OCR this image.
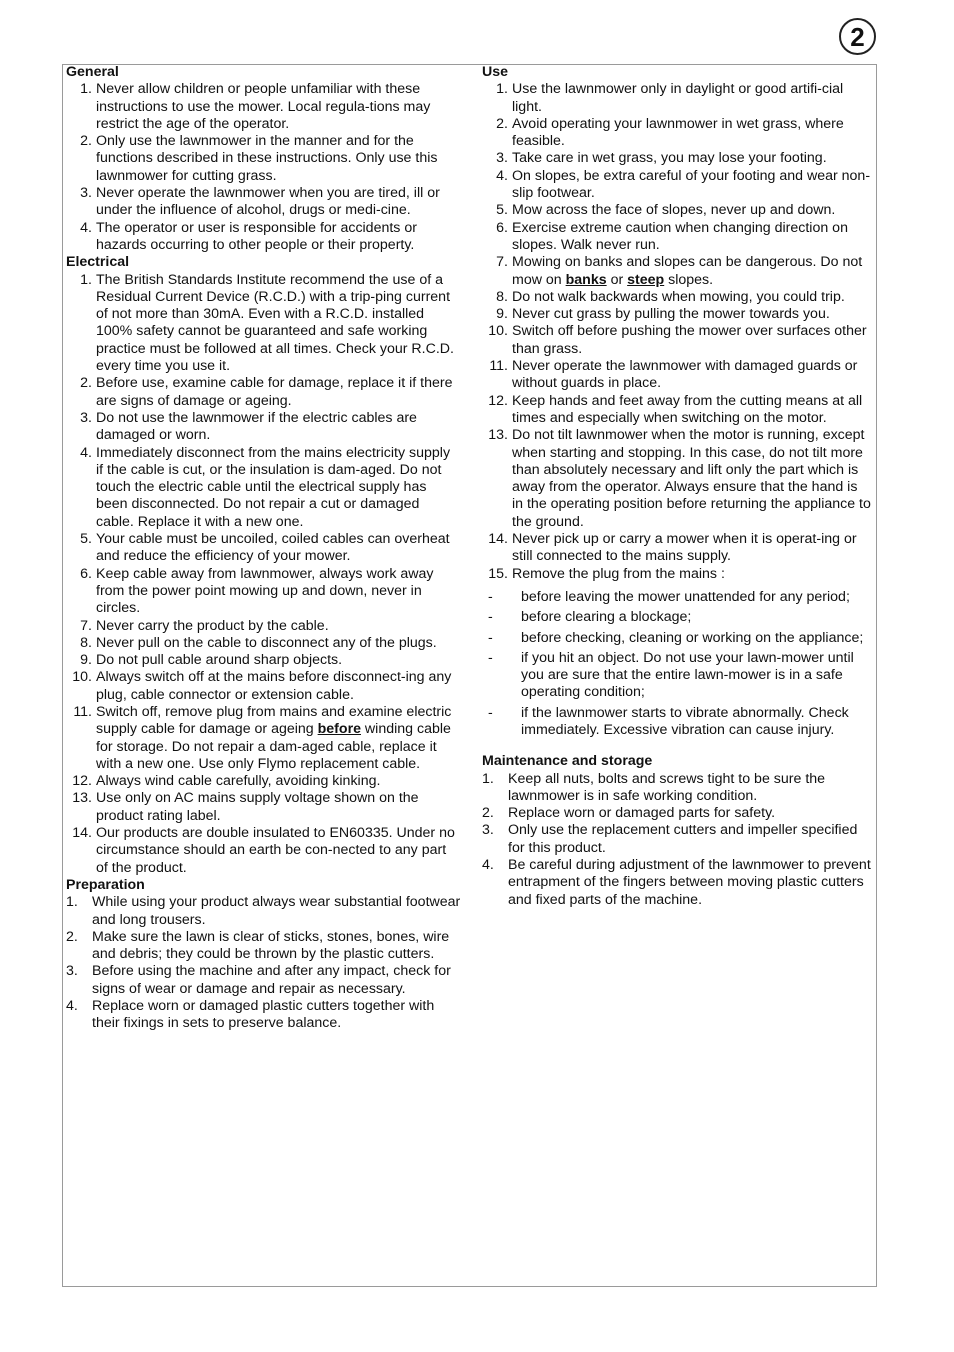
2
General
1. Never allow children or people unfamiliar with these instructions to use the mower. Local regula-tions may restrict the age of the operator.
2. Only use the lawnmower in the manner and for the functions described in these instructions. Only use this lawnmower for cutting grass.
3. Never operate the lawnmower when you are tired, ill or under the influence of alcohol, drugs or medi-cine.
4. The operator or user is responsible for accidents or hazards occurring to other people or their property.
Electrical
1. The British Standards Institute recommend the use of a Residual Current Device (R.C.D.) with a trip-ping current of not more than 30mA. Even with a R.C.D. installed 100% safety cannot be guaranteed and safe working practice must be followed at all times. Check your R.C.D. every time you use it.
2. Before use, examine cable for damage, replace it if there are signs of damage or ageing.
3. Do not use the lawnmower if the electric cables are damaged or worn.
4. Immediately disconnect from the mains electricity supply if the cable is cut, or the insulation is dam-aged. Do not touch the electric cable until the electrical supply has been disconnected. Do not repair a cut or damaged cable. Replace it with a new one.
5. Your cable must be uncoiled, coiled cables can overheat and reduce the efficiency of your mower.
6. Keep cable away from lawnmower, always work away from the power point mowing up and down, never in circles.
7. Never carry the product by the cable.
8. Never pull on the cable to disconnect any of the plugs.
9. Do not pull cable around sharp objects.
10. Always switch off at the mains before disconnect-ing any plug, cable connector or extension cable.
11. Switch off, remove plug from mains and examine electric supply cable for damage or ageing before winding cable for storage. Do not repair a dam-aged cable, replace it with a new one. Use only Flymo replacement cable.
12. Always wind cable carefully, avoiding kinking.
13. Use only on AC mains supply voltage shown on the product rating label.
14. Our products are double insulated to EN60335. Under no circumstance should an earth be con-nected to any part of the product.
Preparation
1. While using your product always wear substantial footwear and long trousers.
2. Make sure the lawn is clear of sticks, stones, bones, wire and debris; they could be thrown by the plastic cutters.
3. Before using the machine and after any impact, check for signs of wear or damage and repair as necessary.
4. Replace worn or damaged plastic cutters together with their fixings in sets to preserve balance.
Use
1. Use the lawnmower only in daylight or good artifi-cial light.
2. Avoid operating your lawnmower in wet grass, where feasible.
3. Take care in wet grass, you may lose your footing.
4. On slopes, be extra careful of your footing and wear non-slip footwear.
5. Mow across the face of slopes, never up and down.
6. Exercise extreme caution when changing direction on slopes. Walk never run.
7. Mowing on banks and slopes can be dangerous. Do not mow on banks or steep slopes.
8. Do not walk backwards when mowing, you could trip.
9. Never cut grass by pulling the mower towards you.
10. Switch off before pushing the mower over surfaces other than grass.
11. Never operate the lawnmower with damaged guards or without guards in place.
12. Keep hands and feet away from the cutting means at all times and especially when switching on the motor.
13. Do not tilt lawnmower when the motor is running, except when starting and stopping. In this case, do not tilt more than absolutely necessary and lift only the part which is away from the operator. Always ensure that the hand is in the operating position before returning the appliance to the ground.
14. Never pick up or carry a mower when it is operat-ing or still connected to the mains supply.
15. Remove the plug from the mains :
-	before leaving the mower unattended for any period;
-	before clearing a blockage;
-	before checking, cleaning or working on the appliance;
-	if you hit an object. Do not use your lawn-mower until you are sure that the entire lawn-mower is in a safe operating condition;
-	if the lawnmower starts to vibrate abnormally. Check immediately. Excessive vibration can cause injury.
Maintenance and storage
1. Keep all nuts, bolts and screws tight to be sure the lawnmower is in safe working condition.
2. Replace worn or damaged parts for safety.
3. Only use the replacement cutters and impeller specified for this product.
4. Be careful during adjustment of the lawnmower to prevent entrapment of the fingers between moving plastic cutters and fixed parts of the machine.
